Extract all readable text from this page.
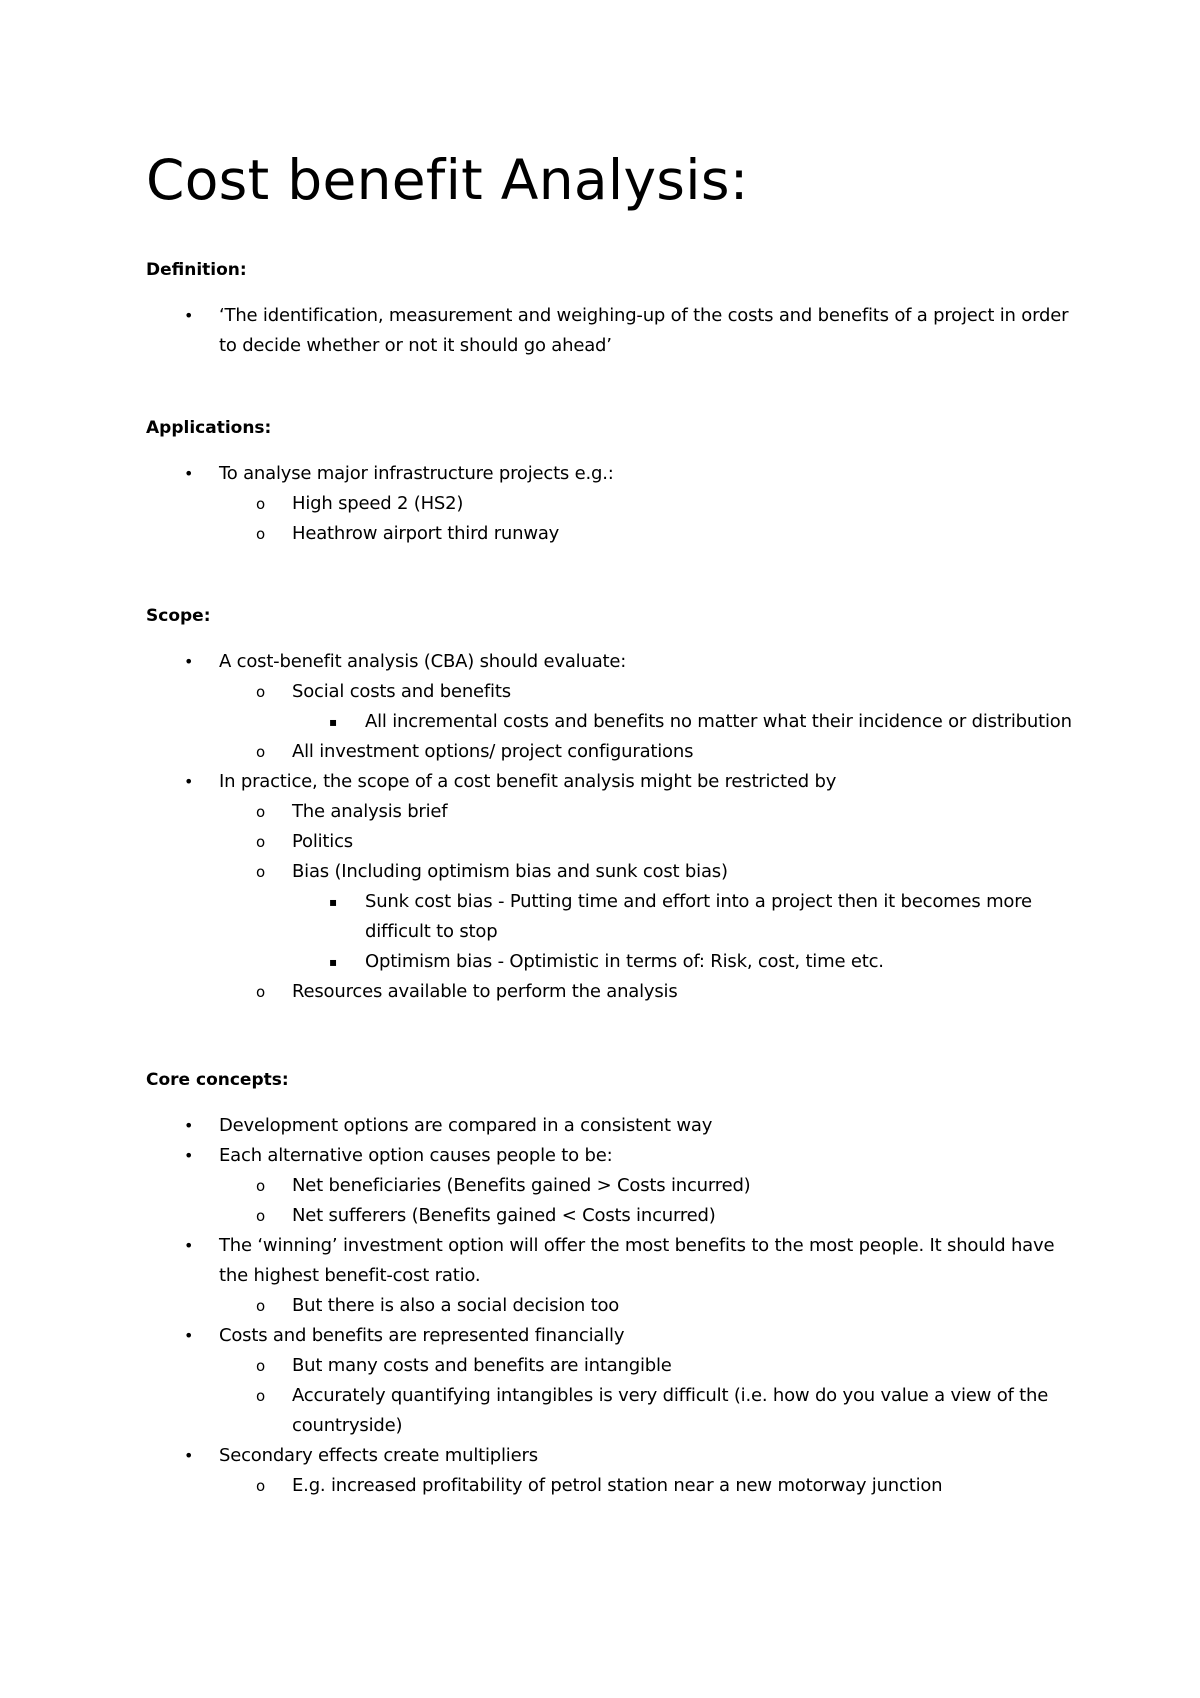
Cost benefit Analysis:
Definition:
• ‘The identification, measurement and weighing-up of the costs and benefits of a project in order to decide whether or not it should go ahead’
Applications:
• To analyse major infrastructure projects e.g.:
o High speed 2 (HS2)
o Heathrow airport third runway
Scope:
• A cost-benefit analysis (CBA) should evaluate:
o Social costs and benefits
▪ All incremental costs and benefits no matter what their incidence or distribution
o All investment options/ project configurations
• In practice, the scope of a cost benefit analysis might be restricted by
o The analysis brief
o Politics
o Bias (Including optimism bias and sunk cost bias)
▪ Sunk cost bias - Putting time and effort into a project then it becomes more difficult to stop
▪ Optimism bias - Optimistic in terms of: Risk, cost, time etc.
o Resources available to perform the analysis
Core concepts:
• Development options are compared in a consistent way
• Each alternative option causes people to be:
o Net beneficiaries (Benefits gained > Costs incurred)
o Net sufferers (Benefits gained < Costs incurred)
• The ‘winning’ investment option will offer the most benefits to the most people. It should have the highest benefit-cost ratio.
o But there is also a social decision too
• Costs and benefits are represented financially
o But many costs and benefits are intangible
o Accurately quantifying intangibles is very difficult (i.e. how do you value a view of the countryside)
• Secondary effects create multipliers
o E.g. increased profitability of petrol station near a new motorway junction
